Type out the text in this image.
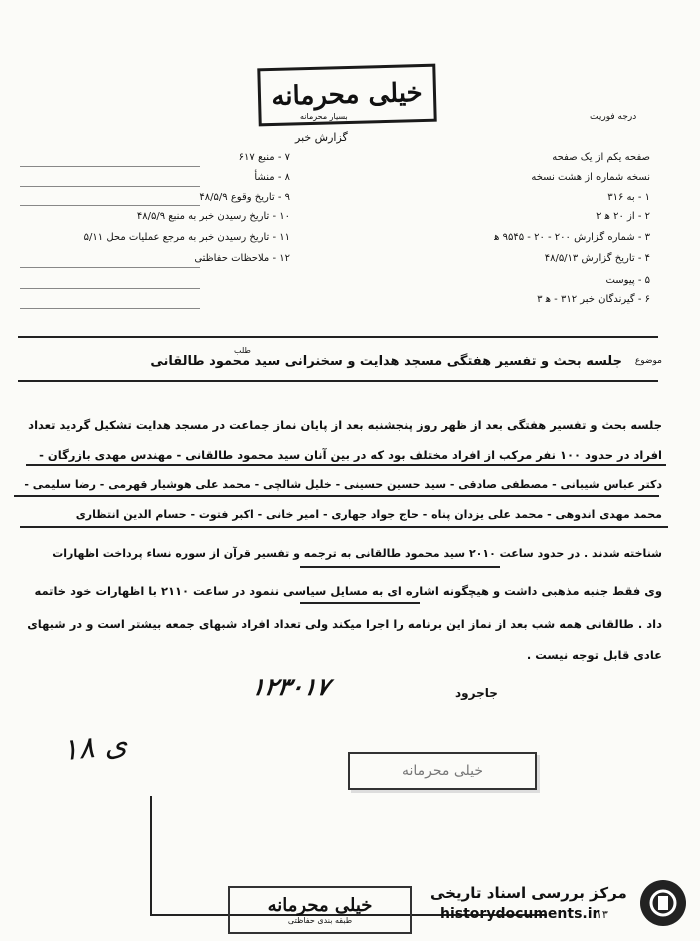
خیلی محرمانه
بسیار محرمانه	درجه فوریت
گزارش خبر
صفحه یکم از یک صفحه
نسخه شماره از هشت نسخه
۱ - به ۳۱۶
۲ - از ۲۰ ه‍ ۲
۳ - شماره گزارش ۲۰۰ - ۲۰ - ۹۵۴۵ ه‍
۴ - تاریخ گزارش ۴۸/۵/۱۳
۵ - پیوست
۶ - گیرندگان خبر ۳۱۲ - ه‍ ۳
۷ - منبع ۶۱۷
۸ - منشأ
۹ - تاریخ وقوع ۴۸/۵/۹
۱۰ - تاریخ رسیدن خبر به منبع ۴۸/۵/۹
۱۱ - تاریخ رسیدن خبر به مرجع عملیات محل ۵/۱۱
۱۲ - ملاحظات حفاظتی
موضوع
جلسه بحث و تفسیر هفتگی مسجد هدایت و سخنرانی سید محمود طالقانی
طلب
جلسه بحث و تفسیر هفتگی بعد از ظهر روز پنجشنبه بعد از پایان نماز جماعت در مسجد هدایت تشکیل گردید تعداد
افراد در حدود ۱۰۰ نفر مرکب از افراد مختلف بود که در بین آنان سید محمود طالقانی - مهندس مهدی بازرگان -
دکتر عباس شیبانی - مصطفی صادقی - سید حسین حسینی - خلیل شالچی - محمد علی هوشیار قهرمی - رضا سلیمی -
محمد مهدی اندوهی - محمد علی یزدان پناه - حاج جواد جهاری - امیر خانی - اکبر فتوت - حسام الدین انتظاری
شناخته شدند . در حدود ساعت ۲۰۱۰ سید محمود طالقانی به ترجمه و تفسیر قرآن از سوره نساء پرداخت اظهارات
وی فقط جنبه مذهبی داشت و هیچگونه اشاره ای به مسایل سیاسی ننمود در ساعت ۲۱۱۰ با اظهارات خود خاتمه
داد . طالقانی همه شب بعد از نماز این برنامه را اجرا میکند ولی تعداد افراد شبهای جمعه بیشتر است و در شبهای
عادی قابل توجه نیست .
۱۲۳۰۱۷	جاجرود
۱۸ ی
خیلی محرمانه
خیلی محرمانه
طبقه بندی حفاظتی
مرکز بررسی اسناد تاریخی
historydocuments.ir
۱۳
